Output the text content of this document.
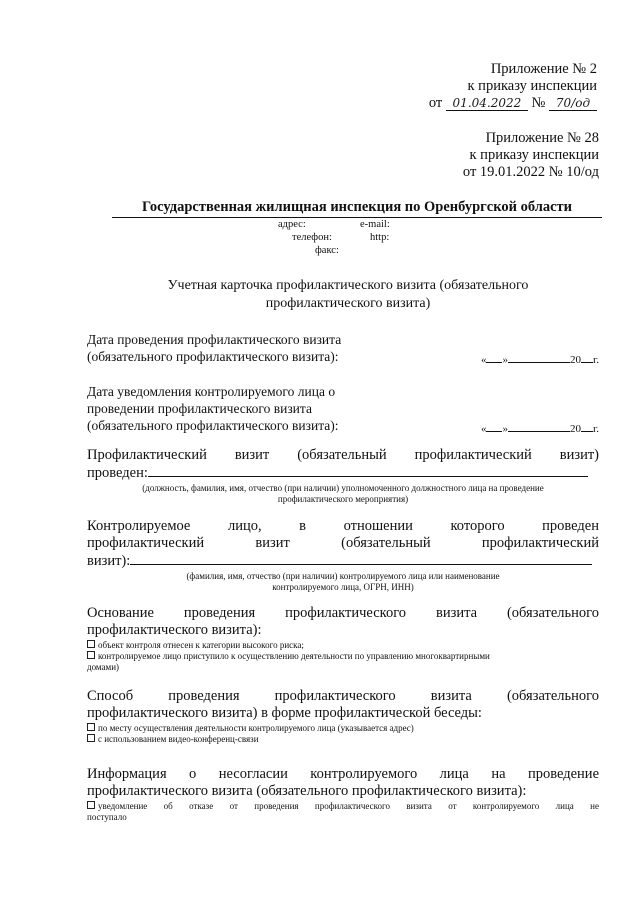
Приложение № 2
к приказу инспекции
от 01.04.2022 № 70/од
Приложение № 28
к приказу инспекции
от 19.01.2022 № 10/од
Государственная жилищная инспекция по Оренбургской области
адрес:	e-mail:
телефон:	http:
факс:
Учетная карточка профилактического визита (обязательного
профилактического визита)
Дата проведения профилактического визита
(обязательного профилактического визита):	« »	20 г.
Дата уведомления контролируемого лица о
проведении профилактического визита
(обязательного профилактического визита):	« »	20 г.
Профилактический визит (обязательный профилактический визит)
проведен:
(должность, фамилия, имя, отчество (при наличии) уполномоченного должностного лица на проведение
профилактического мероприятия)
Контролируемое лицо, в отношении которого проведен
профилактический визит (обязательный профилактический
визит):
(фамилия, имя, отчество (при наличии) контролируемого лица или наименование
контролируемого лица, ОГРН, ИНН)
Основание проведения профилактического визита (обязательного
профилактического визита):
объект контроля отнесен к категории высокого риска;
контролируемое лицо приступило к осуществлению деятельности по управлению многоквартирными
домами)
Способ проведения профилактического визита (обязательного
профилактического визита) в форме профилактической беседы:
по месту осуществления деятельности контролируемого лица (указывается адрес)
с использованием видео-конференц-связи
Информация о несогласии контролируемого лица на проведение
профилактического визита (обязательного профилактического визита):
уведомление об отказе от проведения профилактического визита от контролируемого лица не
поступало
